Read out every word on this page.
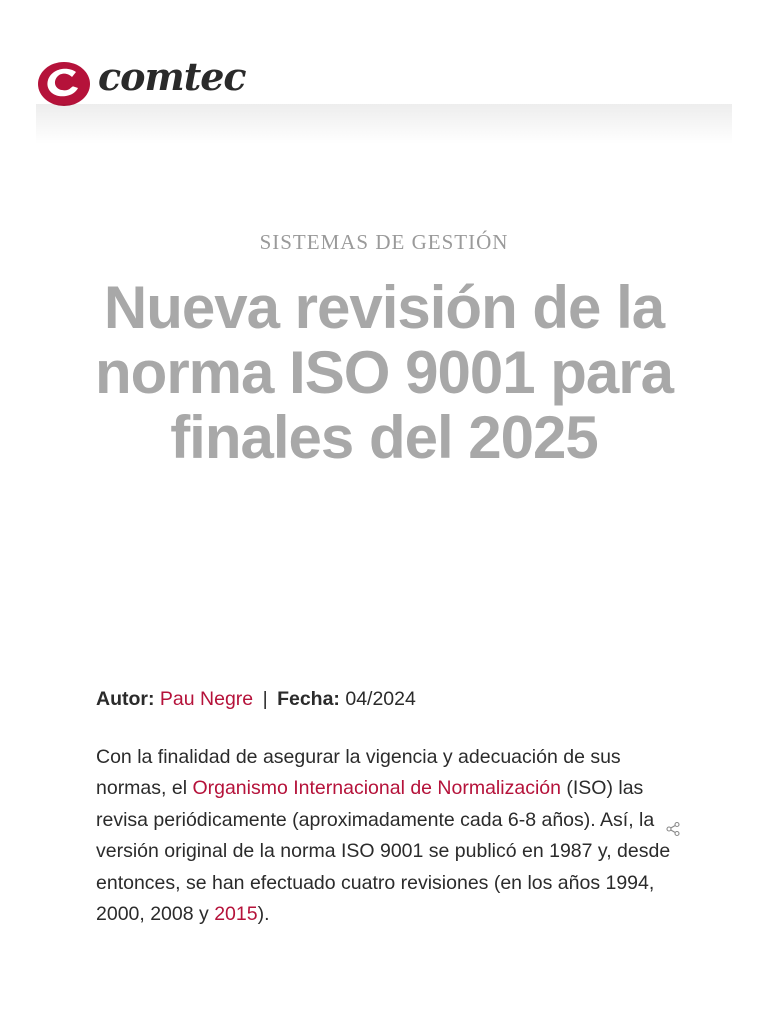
comtec
SISTEMAS DE GESTIÓN
Nueva revisión de la
norma ISO 9001 para
finales del 2025
Autor: Pau Negre | Fecha: 04/2024

Con la finalidad de asegurar la vigencia y adecuación de sus normas, el Organismo Internacional de Normalización (ISO) las revisa periódicamente (aproximadamente cada 6-8 años). Así, la versión original de la norma ISO 9001 se publicó en 1987 y, desde entonces, se han efectuado cuatro revisiones (en los años 1994, 2000, 2008 y 2015).
